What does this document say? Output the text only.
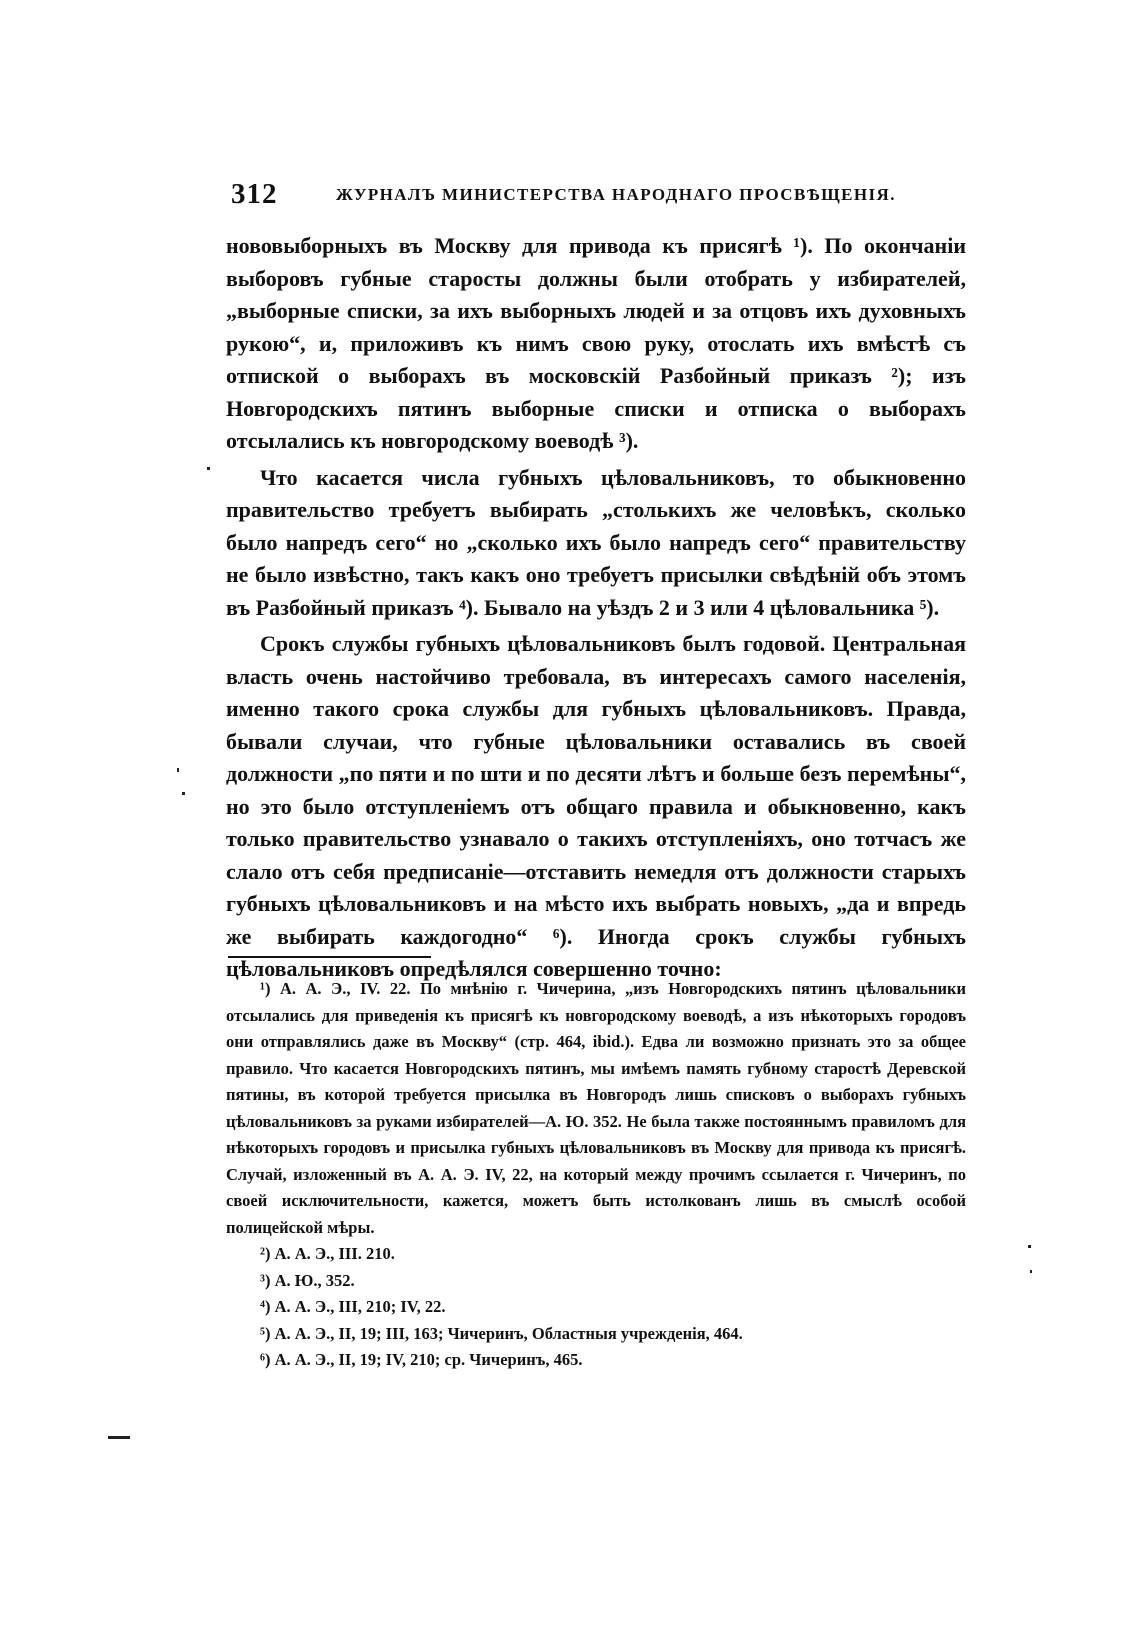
312	ЖУРНАЛЪ МИНИСТЕРСТВА НАРОДНАГО ПРОСВѢЩЕНІЯ.

нововыборныхъ въ Москву для привода къ присягѣ ¹). По окончаніи выборовъ губные старосты должны были отобрать у избирателей, „выборные списки, за ихъ выборныхъ людей и за отцовъ ихъ духовныхъ рукою“, и, приложивъ къ нимъ свою руку, отослать ихъ вмѣстѣ съ отпиской о выборахъ въ московскій Разбойный приказъ ²); изъ Новгородскихъ пятинъ выборные списки и отписка о выборахъ отсылались къ новгородскому воеводѣ ³).

Что касается числа губныхъ цѣловальниковъ, то обыкновенно правительство требуетъ выбирать „столькихъ же человѣкъ, сколько было напредъ сего“ но „сколько ихъ было напредъ сего“ правительству не было извѣстно, такъ какъ оно требуетъ присылки свѣдѣній объ этомъ въ Разбойный приказъ ⁴). Бывало на уѣздъ 2 и 3 или 4 цѣловальника ⁵).

Срокъ службы губныхъ цѣловальниковъ былъ годовой. Центральная власть очень настойчиво требовала, въ интересахъ самого населенія, именно такого срока службы для губныхъ цѣловальниковъ. Правда, бывали случаи, что губные цѣловальники оставались въ своей должности „по пяти и по шти и по десяти лѣтъ и больше безъ перемѣны“, но это было отступленіемъ отъ общаго правила и обыкновенно, какъ только правительство узнавало о такихъ отступленіяхъ, оно тотчасъ же слало отъ себя предписаніе—отставить немедля отъ должности старыхъ губныхъ цѣловальниковъ и на мѣсто ихъ выбрать новыхъ, „да и впредь же выбирать каждогодно“ ⁶). Иногда срокъ службы губныхъ цѣловальниковъ опредѣлялся совершенно точно:

¹) А. А. Э., IV. 22. По мнѣнію г. Чичерина, „изъ Новгородскихъ пятинъ цѣловальники отсылались для приведенія къ присягѣ къ новгородскому воеводѣ, а изъ нѣкоторыхъ городовъ они отправлялись даже въ Москву“ (стр. 464, ibid.). Едва ли возможно признать это за общее правило. Что касается Новгородскихъ пятинъ, мы имѣемъ память губному старостѣ Деревской пятины, въ которой требуется присылка въ Новгородъ лишь списковъ о выборахъ губныхъ цѣловальниковъ за руками избирателей—А. Ю. 352. Не была также постояннымъ правиломъ для нѣкоторыхъ городовъ и присылка губныхъ цѣловальниковъ въ Москву для привода къ присягѣ. Случай, изложенный въ А. А. Э. IV, 22, на который между прочимъ ссылается г. Чичеринъ, по своей исключительности, кажется, можетъ быть истолкованъ лишь въ смыслѣ особой полицейской мѣры.

²) А. А. Э., III. 210.

³) А. Ю., 352.

⁴) А. А. Э., III, 210; IV, 22.

⁵) А. А. Э., II, 19; III, 163; Чичеринъ, Областныя учрежденія, 464.

⁶) А. А. Э., II, 19; IV, 210; ср. Чичеринъ, 465.
